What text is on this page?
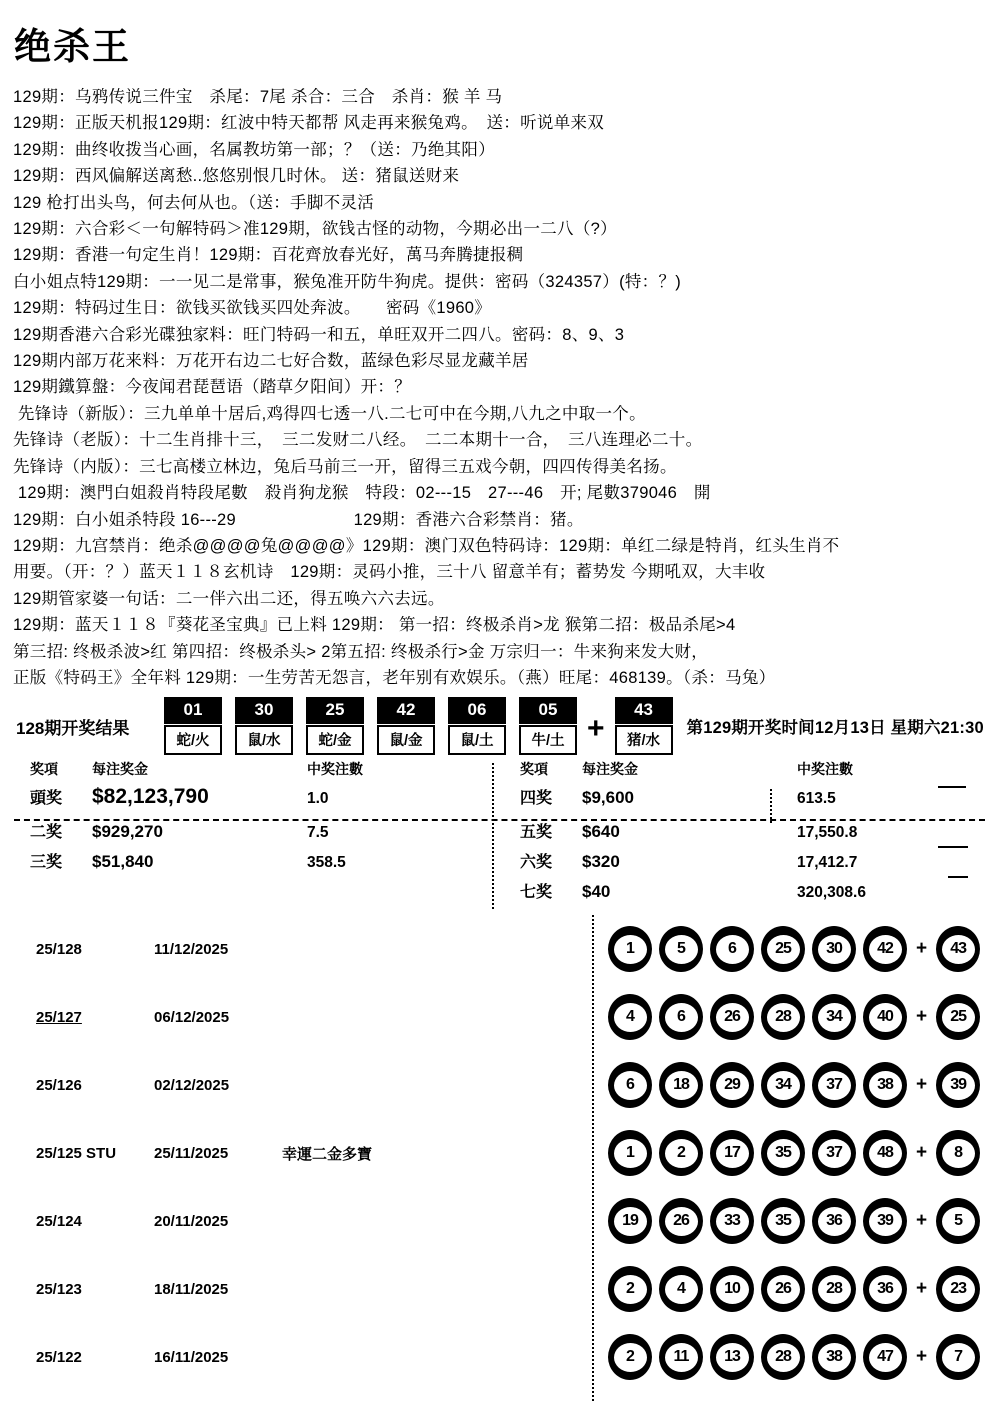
绝杀王
129期：乌鸦传说三件宝　杀尾：7尾 杀合：三合　杀肖：猴 羊 马
129期：正版天机报129期：红波中特天都帮 风走再来猴兔鸡。　送：听说单来双
129期：曲终收拨当心画，名属教坊第一部；？（送：乃绝其阳）
129期：西风偏解送离愁..悠悠别恨几时休。 送：猪鼠送财来
129 枪打出头鸟，何去何从也。（送：手脚不灵活
129期：六合彩＜一句解特码＞准129期，欲钱古怪的动物，今期必出一二八（?）
129期：香港一句定生肖！129期：百花齊放春光好，萬马奔腾捷报稠
白小姐点特129期：一一见二是常事，猴兔准开防牛狗虎。提供：密码（324357）(特：？)
129期：特码过生日：欲钱买欲钱买四处奔波。　　密码《1960》
129期香港六合彩光碟独家料：旺门特码一和五，单旺双开二四八。密码：8、9、3
129期内部万花来料：万花开右边二七好合数，蓝绿色彩尽显龙藏羊居
129期鐵算盤：今夜闻君琵琶语（踏草夕阳间）开：？
先锋诗（新版）：三九单单十居后,鸡得四七透一八.二七可中在今期,八九之中取一个。
先锋诗（老版）：十二生肖排十三，　三二发财二八经。　二二本期十一合，　三八连理必二十。
先锋诗（内版）：三七高楼立林边，兔后马前三一开，留得三五戏今朝，四四传得美名扬。
129期：澳門白姐殺肖特段尾數　殺肖狗龙猴　特段：02---15　27---46　开; 尾數379046　開
129期：白小姐杀特段 16---29　　　　　　　129期：香港六合彩禁肖：猪。
129期：九宫禁肖：绝杀@@@@兔@@@@》129期：澳门双色特码诗：129期：单红二绿是特肖，红头生肖不
用要。（开：？）蓝天１１８玄机诗　129期：灵码小推，三十八 留意羊有；蓄势发 今期吼双，大丰收
129期管家婆一句话：二一伴六出二还，得五唤六六去远。
129期：蓝天１１８『葵花圣宝典』已上料 129期： 第一招：终极杀肖>龙 猴第二招：极品杀尾>4
第三招: 终极杀波>红 第四招：终极杀头> 2第五招: 终极杀行>金 万宗归一：牛来狗来发大财，
正版《特码王》全年料 129期：一生劳苦无怨言，老年别有欢娱乐。（燕）旺尾：468139。（杀：马兔）
128期开奖结果
01
蛇/火
30
鼠/水
25
蛇/金
42
鼠/金
06
鼠/土
05
牛/土 +
43
猪/水
第129期开奖时间12月13日 星期六21:30
奖項	每注奖金	中奖注數
頭奖	$82,123,790	1.0
二奖	$929,270	7.5
三奖	$51,840	358.5
奖項	每注奖金	中奖注數
四奖	$9,600	613.5
五奖	$640	17,550.8
六奖	$320	17,412.7
七奖	$40	320,308.6
25/128	11/12/2025	1	5	6	25	30	42	+	43
25/127	06/12/2025	4	6	26	28	34	40	+	25
25/126	02/12/2025	6	18	29	34	37	38	+	39
25/125 STU	25/11/2025	幸運二金多寶	1	2	17	35	37	48	+	8
25/124	20/11/2025	19	26	33	35	36	39	+	5
25/123	18/11/2025	2	4	10	26	28	36	+	23
25/122	16/11/2025	2	11	13	28	38	47	+	7
